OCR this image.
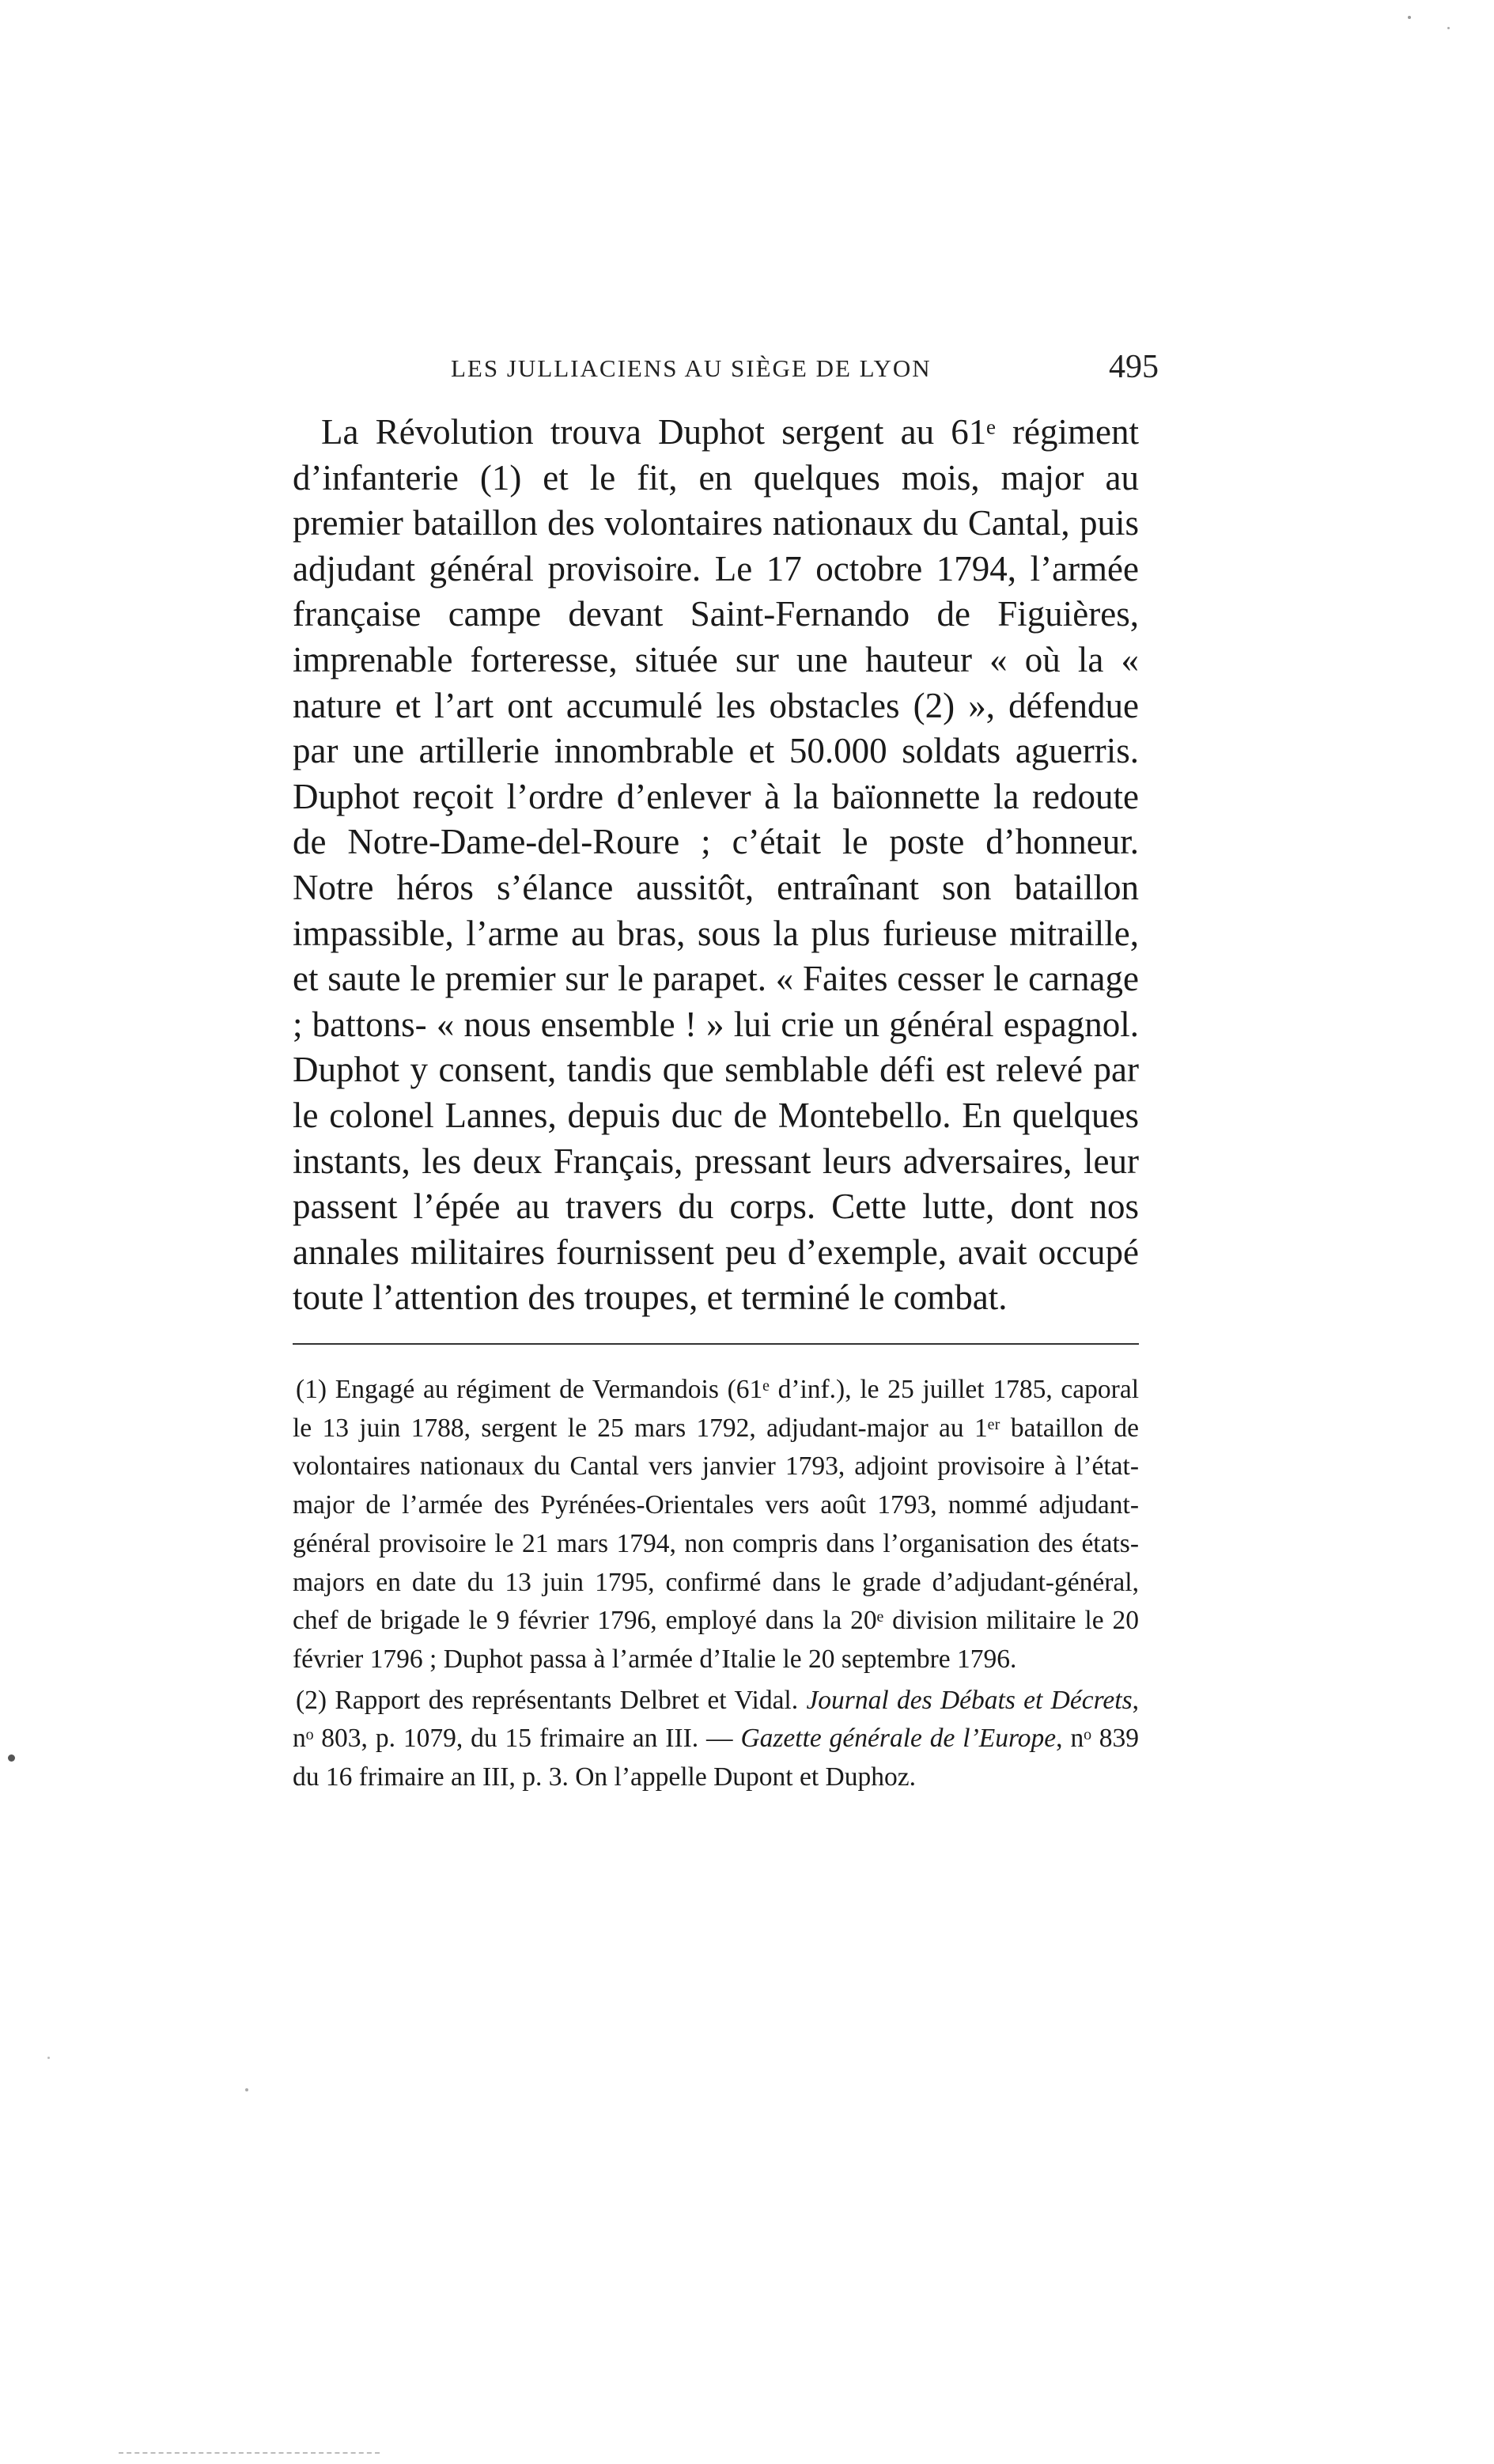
LES JULLIACIENS AU SIÈGE DE LYON	495

La Révolution trouva Duphot sergent au 61ᵉ régiment d’infanterie (1) et le fit, en quelques mois, major au premier bataillon des volontaires nationaux du Cantal, puis adjudant général provisoire. Le 17 octobre 1794, l’armée française campe devant Saint-Fernando de Figuières, imprenable forteresse, située sur une hauteur « où la « nature et l’art ont accumulé les obstacles (2) », défendue par une artillerie innombrable et 50.000 soldats aguerris. Duphot reçoit l’ordre d’enlever à la baïonnette la redoute de Notre-Dame-del-Roure ; c’était le poste d’honneur. Notre héros s’élance aussitôt, entraînant son bataillon impassible, l’arme au bras, sous la plus furieuse mitraille, et saute le premier sur le parapet. « Faites cesser le carnage ; battons- « nous ensemble ! » lui crie un général espagnol. Duphot y consent, tandis que semblable défi est relevé par le colonel Lannes, depuis duc de Montebello. En quelques instants, les deux Français, pressant leurs adversaires, leur passent l’épée au travers du corps. Cette lutte, dont nos annales militaires fournissent peu d’exemple, avait occupé toute l’attention des troupes, et terminé le combat.

(1) Engagé au régiment de Vermandois (61ᵉ d’inf.), le 25 juillet 1785, caporal le 13 juin 1788, sergent le 25 mars 1792, adjudant-major au 1ᵉʳ bataillon de volontaires nationaux du Cantal vers janvier 1793, adjoint provisoire à l’état-major de l’armée des Pyrénées-Orientales vers août 1793, nommé adjudant-général provisoire le 21 mars 1794, non compris dans l’organisation des états-majors en date du 13 juin 1795, confirmé dans le grade d’adjudant-général, chef de brigade le 9 février 1796, employé dans la 20ᵉ division militaire le 20 février 1796 ; Duphot passa à l’armée d’Italie le 20 septembre 1796.

(2) Rapport des représentants Delbret et Vidal. Journal des Débats et Décrets, nᵒ 803, p. 1079, du 15 frimaire an III. — Gazette générale de l’Europe, nᵒ 839 du 16 frimaire an III, p. 3. On l’appelle Dupont et Duphoz.
